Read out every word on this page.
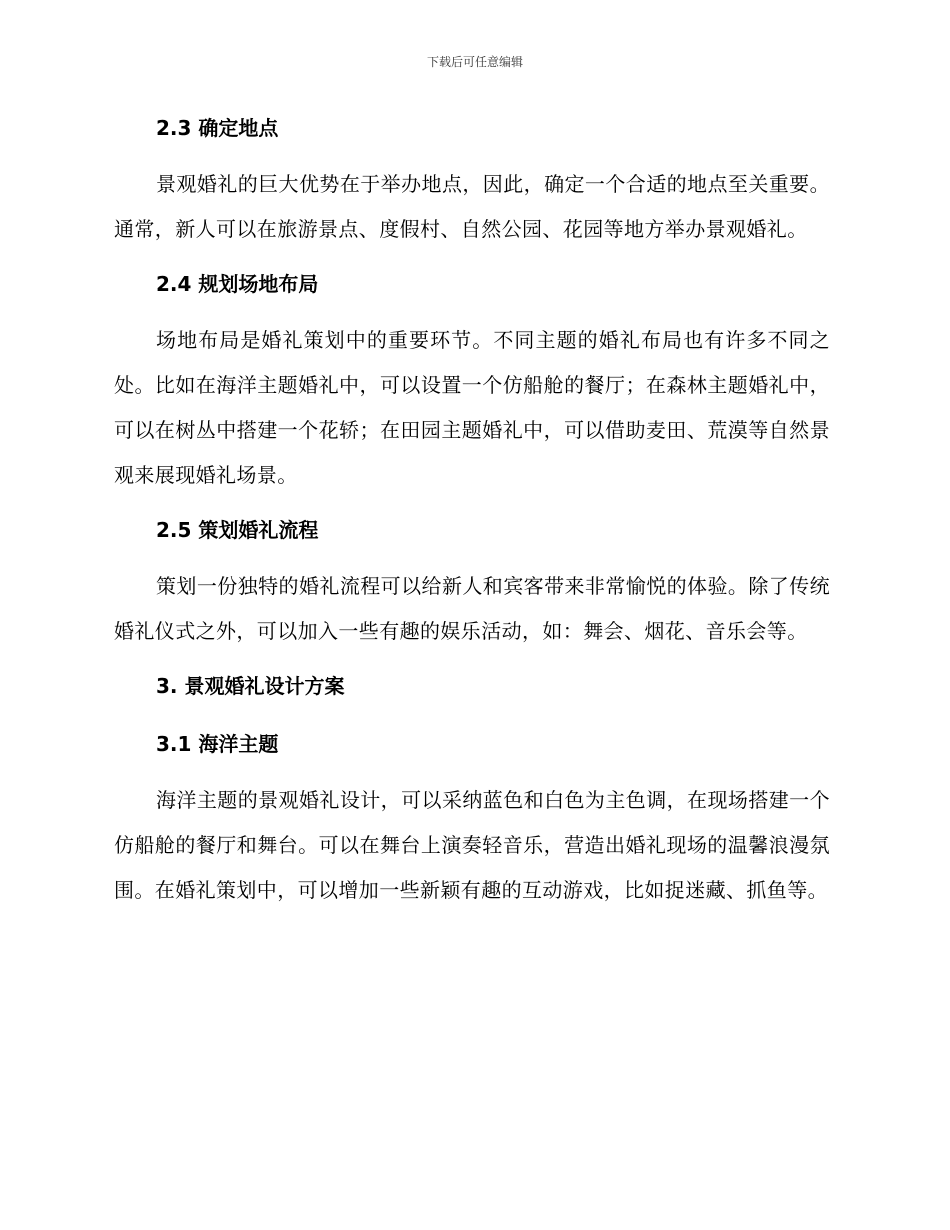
下载后可任意编辑
2.3 确定地点

景观婚礼的巨大优势在于举办地点，因此，确定一个合适的地点至关重要。通常，新人可以在旅游景点、度假村、自然公园、花园等地方举办景观婚礼。

2.4 规划场地布局

场地布局是婚礼策划中的重要环节。不同主题的婚礼布局也有许多不同之处。比如在海洋主题婚礼中，可以设置一个仿船舱的餐厅；在森林主题婚礼中，可以在树丛中搭建一个花轿；在田园主题婚礼中，可以借助麦田、荒漠等自然景观来展现婚礼场景。

2.5 策划婚礼流程

策划一份独特的婚礼流程可以给新人和宾客带来非常愉悦的体验。除了传统婚礼仪式之外，可以加入一些有趣的娱乐活动，如：舞会、烟花、音乐会等。

3. 景观婚礼设计方案
3.1 海洋主题

海洋主题的景观婚礼设计，可以采纳蓝色和白色为主色调，在现场搭建一个仿船舱的餐厅和舞台。可以在舞台上演奏轻音乐，营造出婚礼现场的温馨浪漫氛围。在婚礼策划中，可以增加一些新颖有趣的互动游戏，比如捉迷藏、抓鱼等。
